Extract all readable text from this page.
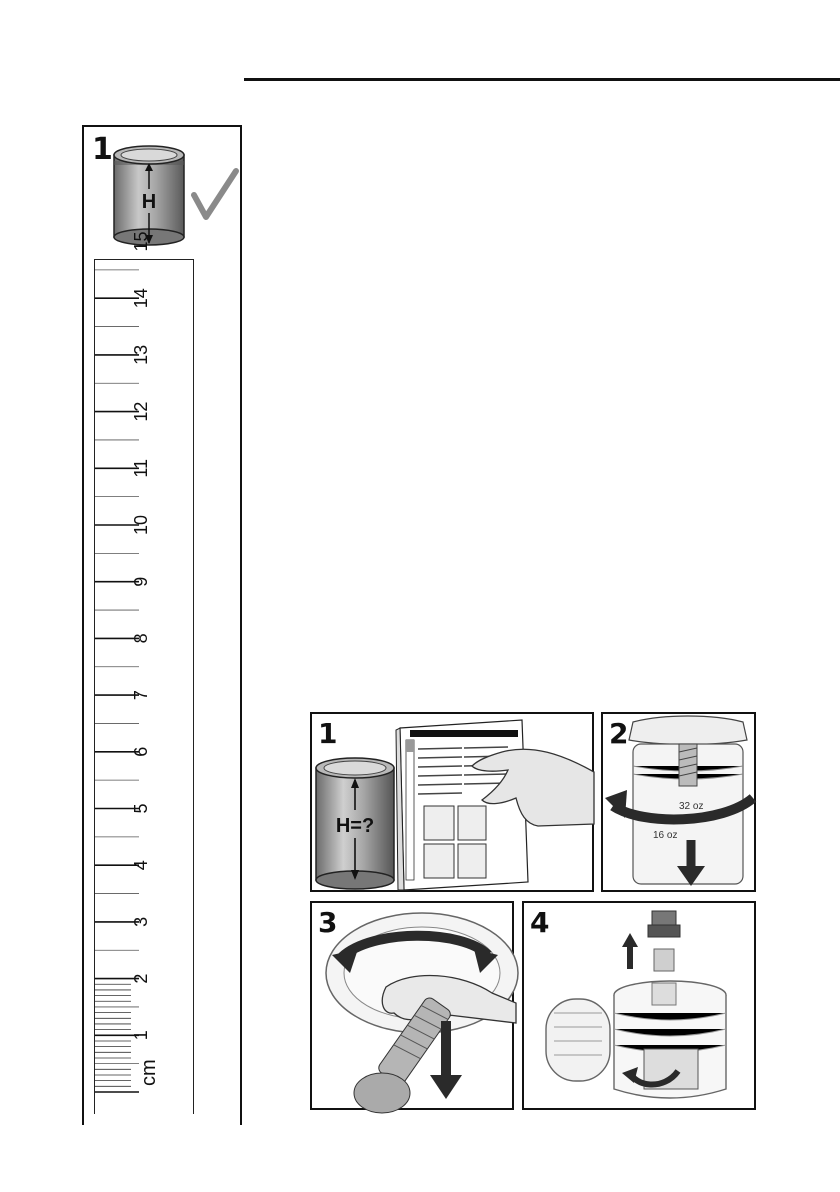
1
H
1
2
3
4
5
6
7
8
9
10
11
12
13
14
15
cm
1
H=?
2
32 oz
16 oz
3	4
